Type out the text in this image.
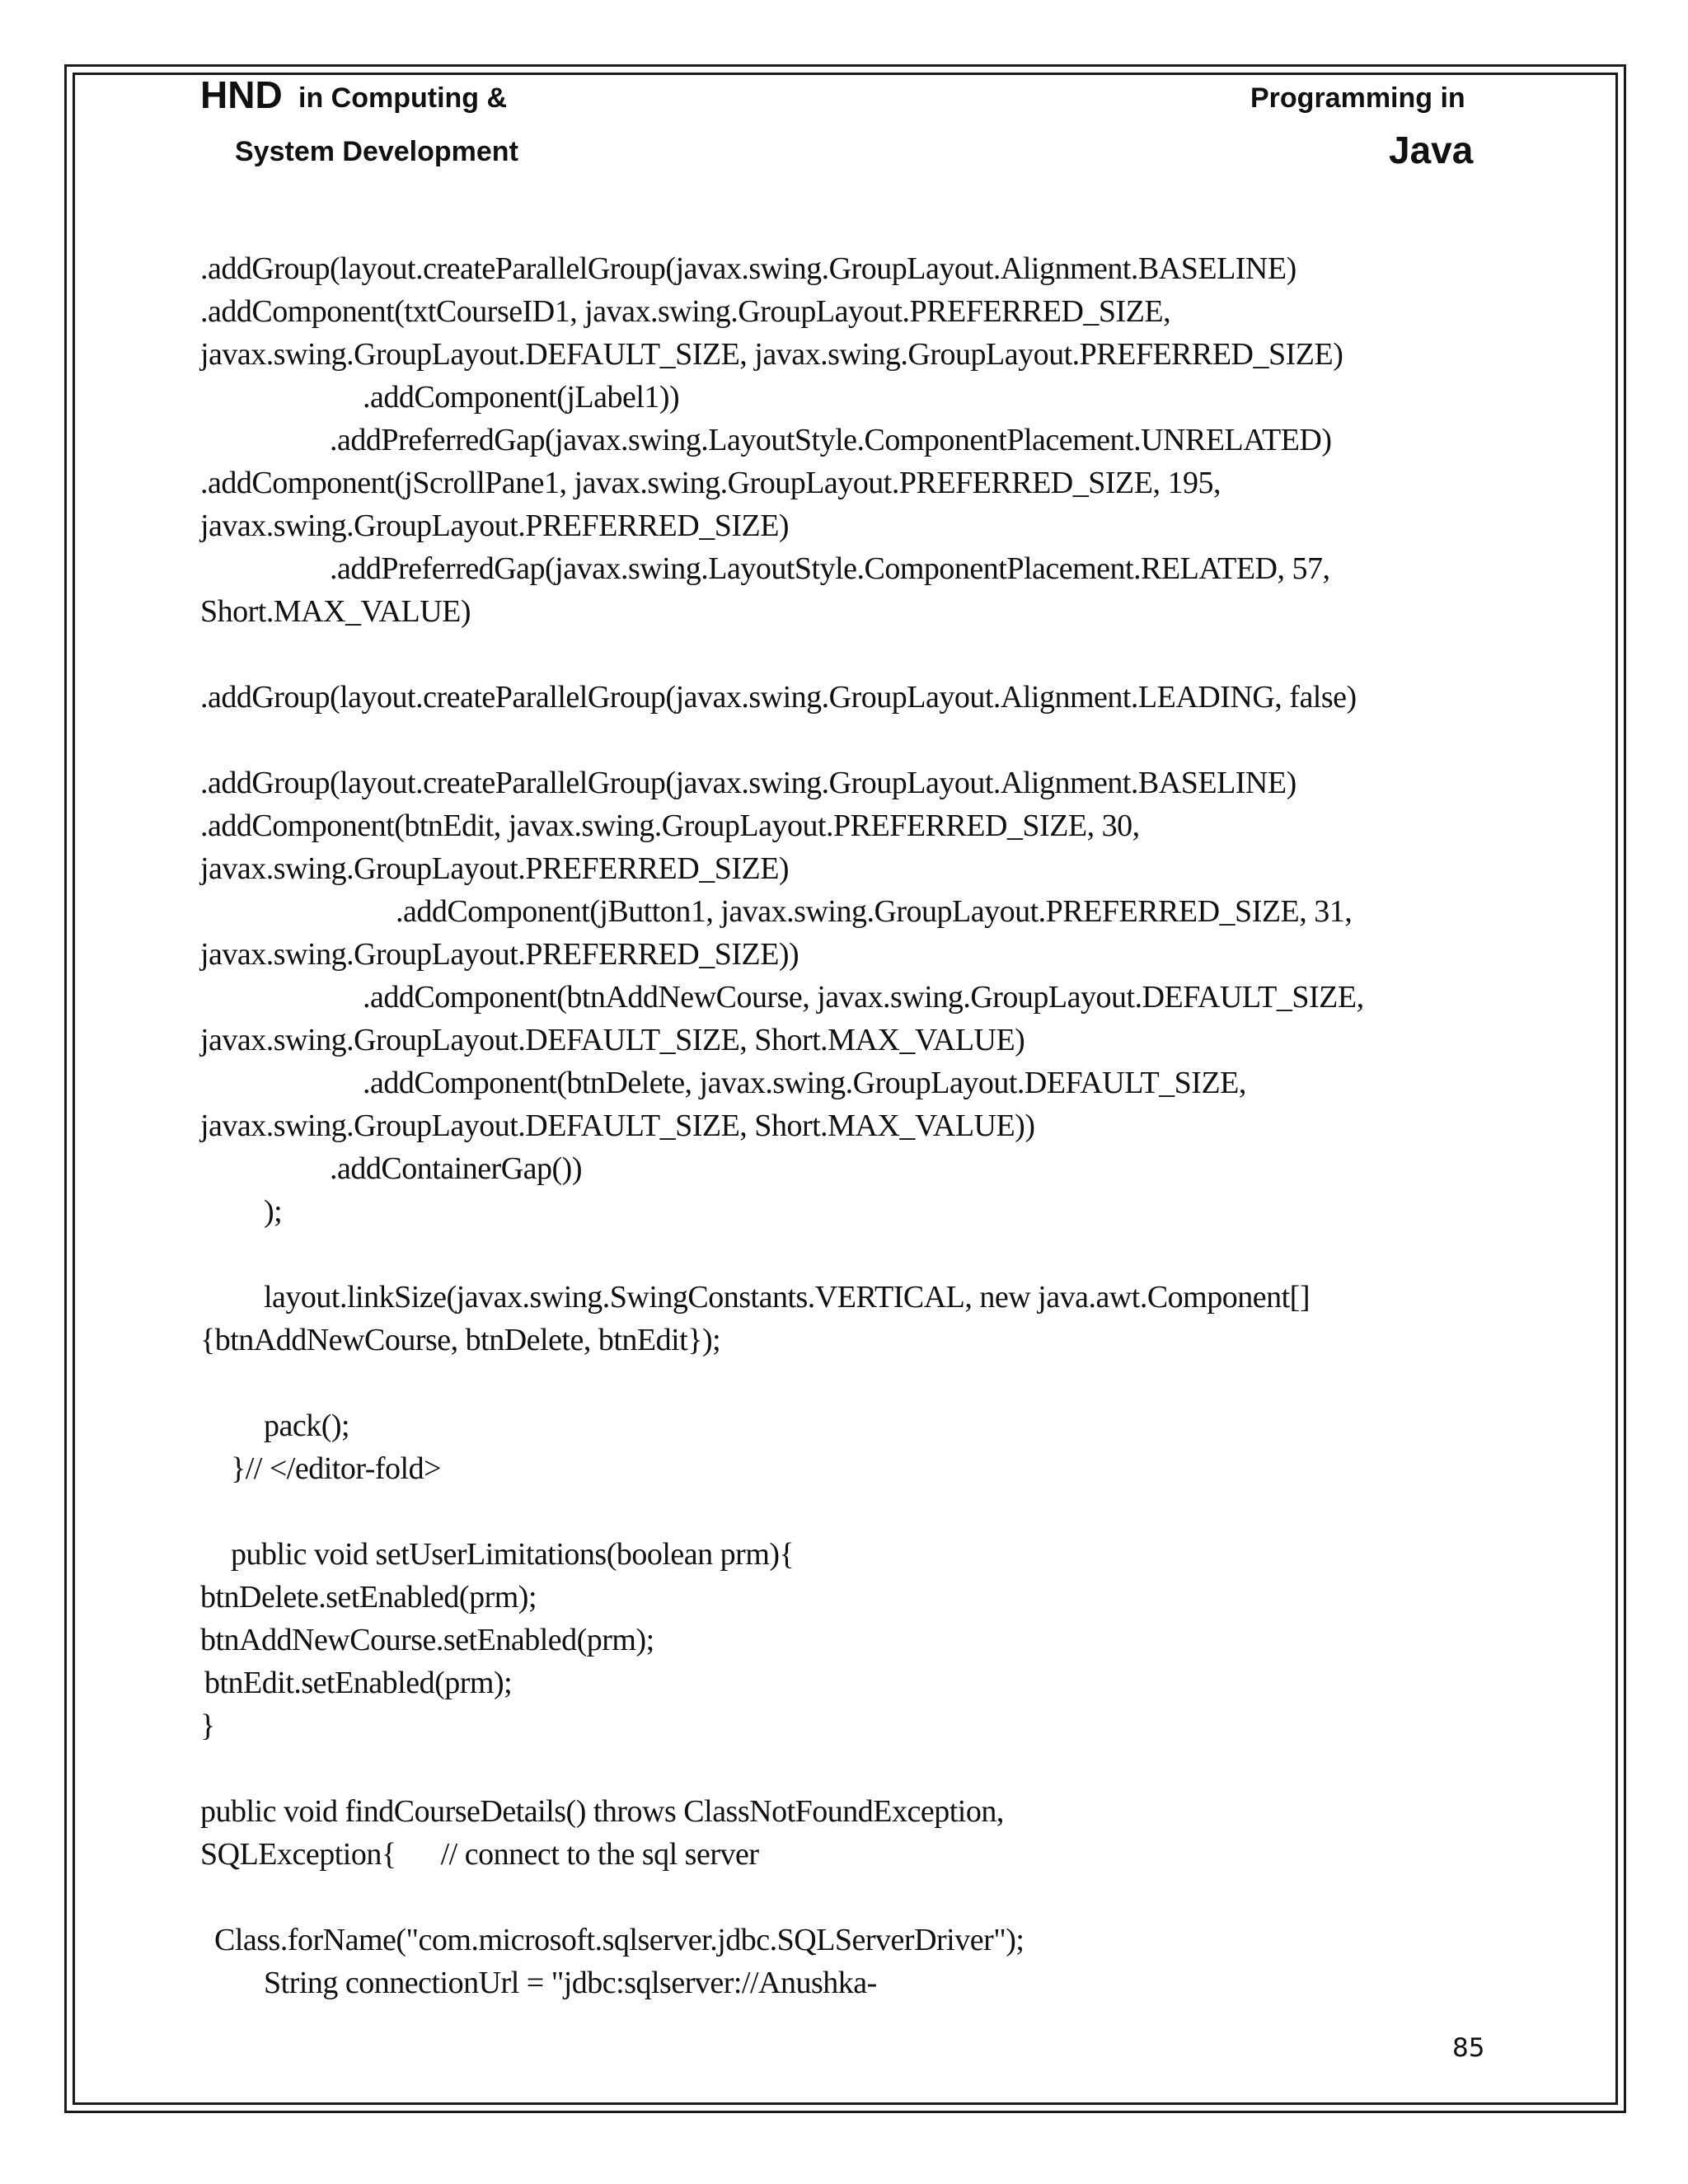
HND in Computing &
System Development
Programming in
Java
.addGroup(layout.createParallelGroup(javax.swing.GroupLayout.Alignment.BASELINE)
.addComponent(txtCourseID1, javax.swing.GroupLayout.PREFERRED_SIZE,
javax.swing.GroupLayout.DEFAULT_SIZE, javax.swing.GroupLayout.PREFERRED_SIZE)
.addComponent(jLabel1))
.addPreferredGap(javax.swing.LayoutStyle.ComponentPlacement.UNRELATED)
.addComponent(jScrollPane1, javax.swing.GroupLayout.PREFERRED_SIZE, 195,
javax.swing.GroupLayout.PREFERRED_SIZE)
.addPreferredGap(javax.swing.LayoutStyle.ComponentPlacement.RELATED, 57,
Short.MAX_VALUE)
.addGroup(layout.createParallelGroup(javax.swing.GroupLayout.Alignment.LEADING, false)
.addGroup(layout.createParallelGroup(javax.swing.GroupLayout.Alignment.BASELINE)
.addComponent(btnEdit, javax.swing.GroupLayout.PREFERRED_SIZE, 30,
javax.swing.GroupLayout.PREFERRED_SIZE)
.addComponent(jButton1, javax.swing.GroupLayout.PREFERRED_SIZE, 31,
javax.swing.GroupLayout.PREFERRED_SIZE))
.addComponent(btnAddNewCourse, javax.swing.GroupLayout.DEFAULT_SIZE,
javax.swing.GroupLayout.DEFAULT_SIZE, Short.MAX_VALUE)
.addComponent(btnDelete, javax.swing.GroupLayout.DEFAULT_SIZE,
javax.swing.GroupLayout.DEFAULT_SIZE, Short.MAX_VALUE))
.addContainerGap())
);
layout.linkSize(javax.swing.SwingConstants.VERTICAL, new java.awt.Component[]
{btnAddNewCourse, btnDelete, btnEdit});
pack();
}// </editor-fold>
public void setUserLimitations(boolean prm){
btnDelete.setEnabled(prm);
btnAddNewCourse.setEnabled(prm);
btnEdit.setEnabled(prm);
}
public void findCourseDetails() throws ClassNotFoundException,
SQLException{      // connect to the sql server
Class.forName("com.microsoft.sqlserver.jdbc.SQLServerDriver");
String connectionUrl = "jdbc:sqlserver://Anushka-
85
